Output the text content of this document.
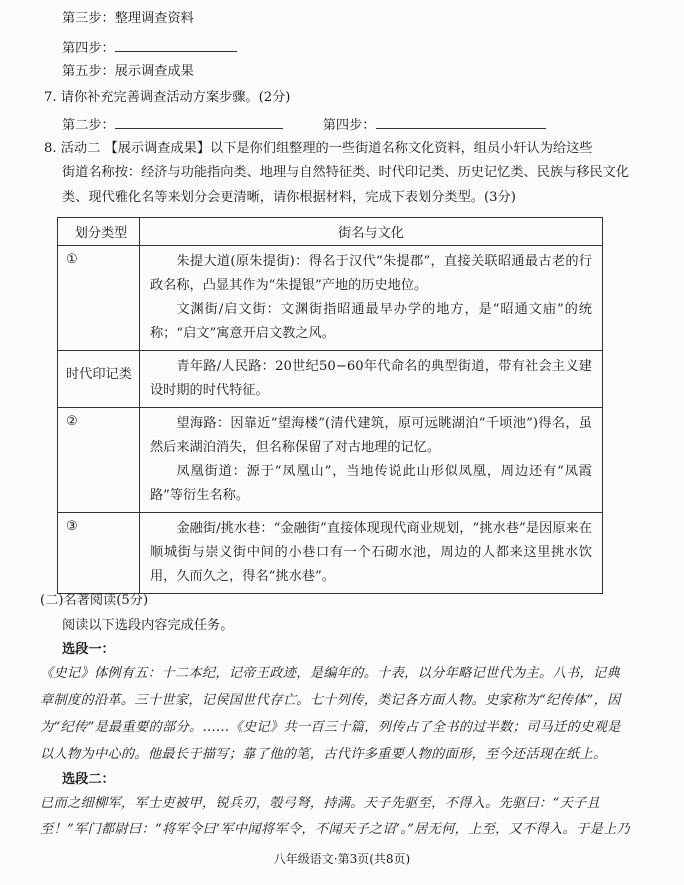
第三步：整理调查资料
第四步：
第五步：展示调查成果
7. 请你补充完善调查活动方案步骤。(2分)
第二步：	第四步：
8. 活动二 【展示调查成果】以下是你们组整理的一些街道名称文化资料，组员小轩认为给这些
街道名称按：经济与功能指向类、地理与自然特征类、时代印记类、历史记忆类、民族与移民文化
类、现代雅化名等来划分会更清晰，请你根据材料，完成下表划分类型。(3分)
划分类型	街名与文化

①	朱提大道(原朱提街)：得名于汉代“朱提郡”，直接关联昭通最古老的行政名称，凸显其作为“朱提银”产地的历史地位。

文渊街/启文街：文渊街指昭通最早办学的地方，是“昭通文庙”的统称；“启文”寓意开启文教之风。

时代印记类	青年路/人民路：20世纪50−60年代命名的典型街道，带有社会主义建设时期的时代特征。

②	望海路：因靠近“望海楼”(清代建筑，原可远眺湖泊“千顷池”)得名，虽然后来湖泊消失，但名称保留了对古地理的记忆。

凤凰街道：源于“凤凰山”，当地传说此山形似凤凰，周边还有“凤霞路”等衍生名称。

③	金融街/挑水巷：“金融街”直接体现现代商业规划，“挑水巷”是因原来在顺城街与崇义街中间的小巷口有一个石砌水池，周边的人都来这里挑水饮用，久而久之，得名“挑水巷”。

(二)名著阅读(5分)
阅读以下选段内容完成任务。
选段一：
《史记》体例有五：十二本纪，记帝王政迹，是编年的。十表，以分年略记世代为主。八书，记典
章制度的沿革。三十世家，记侯国世代存亡。七十列传，类记各方面人物。史家称为“纪传体”，因
为“纪传”是最重要的部分。……《史记》共一百三十篇，列传占了全书的过半数；司马迁的史观是
以人物为中心的。他最长于描写；靠了他的笔，古代许多重要人物的面形，至今还活现在纸上。
选段二：
已而之细柳军，军士吏被甲，锐兵刃，彀弓弩，持满。天子先驱至，不得入。先驱曰：“天子且
至！”军门都尉曰：“将军令曰‘军中闻将军令，不闻天子之诏’。”居无何，上至，又不得入。于是上乃
八年级语文·第3页(共8页)
